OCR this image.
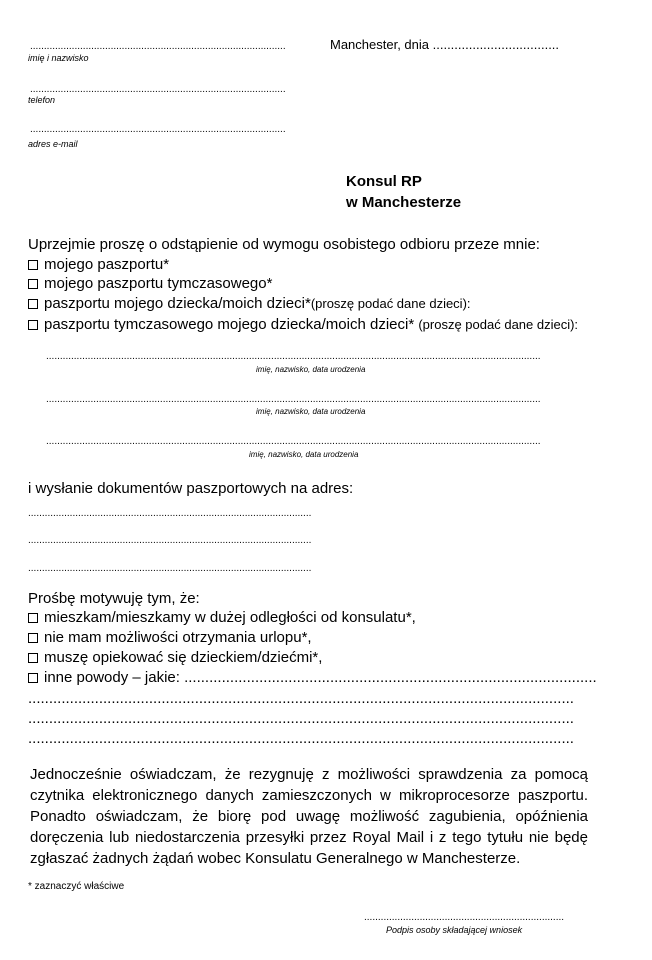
............................................................................................
imię i nazwisko
............................................................................................
telefon
............................................................................................
adres e-mail
Manchester, dnia ...................................
Konsul RP
w Manchesterze
Uprzejmie proszę o odstąpienie od wymogu osobistego odbioru przeze mnie:
mojego paszportu*
mojego paszportu tymczasowego*
paszportu mojego dziecka/moich dzieci*(proszę podać dane dzieci):
paszportu tymczasowego mojego dziecka/moich dzieci* (proszę podać dane dzieci):
..................................................................................................................................................................................
imię, nazwisko, data urodzenia
..................................................................................................................................................................................
imię, nazwisko, data urodzenia
..................................................................................................................................................................................
imię, nazwisko, data urodzenia
i wysłanie dokumentów paszportowych na adres:
......................................................................................................
......................................................................................................
......................................................................................................
Prośbę motywuję tym, że:
mieszkam/mieszkamy w dużej odległości od konsulatu*,
nie mam możliwości otrzymania urlopu*,
muszę opiekować się dzieckiem/dziećmi*,
inne powody – jakie: ...................................................................................................
...................................................................................................................................
...................................................................................................................................
...................................................................................................................................
Jednocześnie oświadczam, że rezygnuję z możliwości sprawdzenia za pomocą czytnika elektronicznego danych zamieszczonych w mikroprocesorze paszportu. Ponadto oświadczam, że biorę pod uwagę możliwość zagubienia, opóźnienia doręczenia lub niedostarczenia przesyłki przez Royal Mail i z tego tytułu nie będę zgłaszać żadnych żądań wobec Konsulatu Generalnego w Manchesterze.
* zaznaczyć właściwe
........................................................................
Podpis osoby składającej wniosek
